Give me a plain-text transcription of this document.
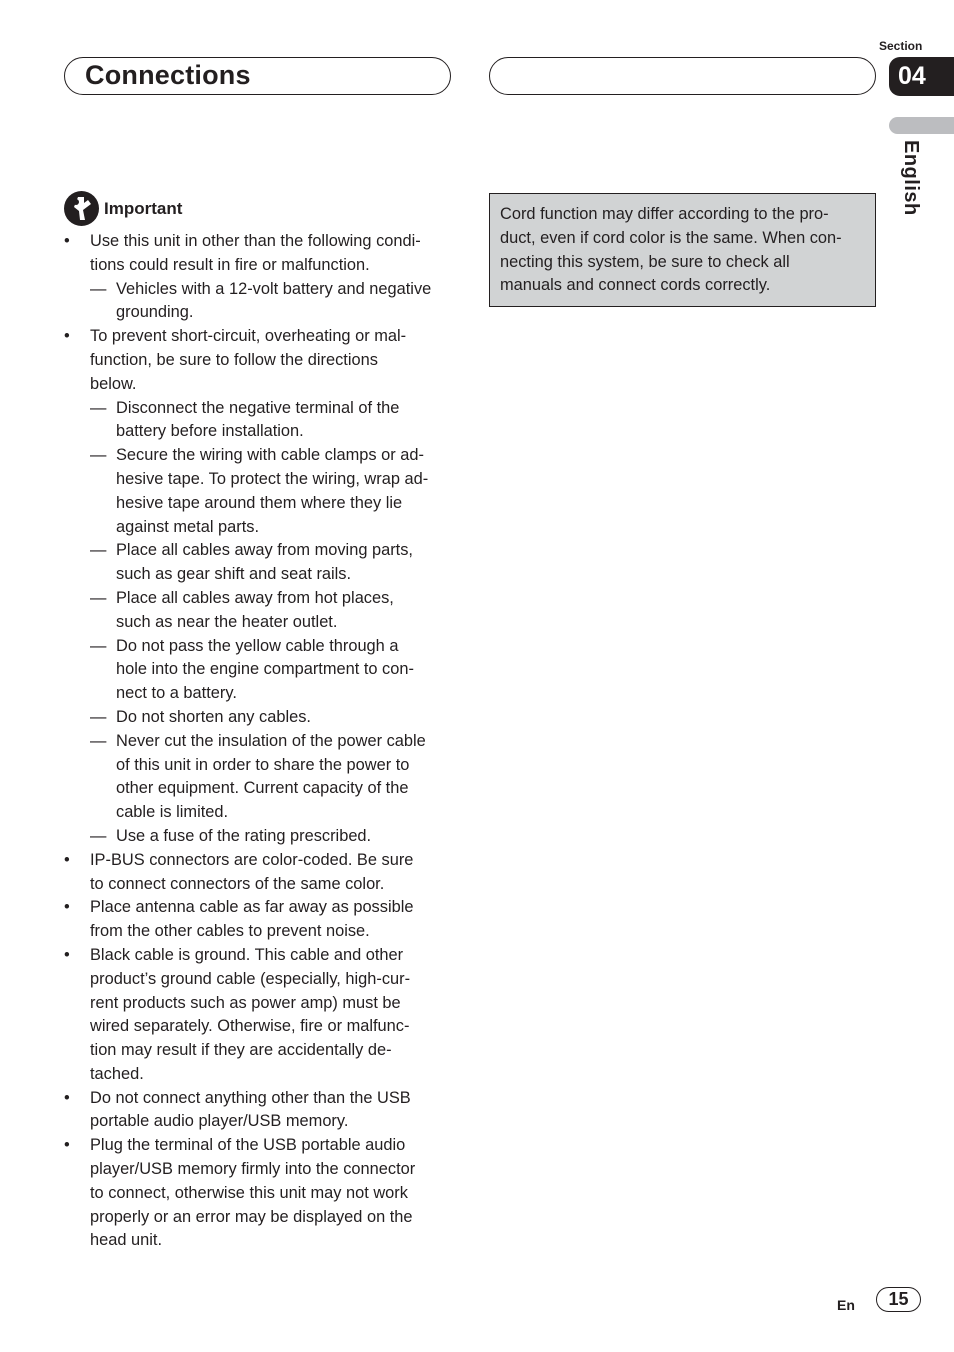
Connections
Section
04
English
Important
• Use this unit in other than the following condi-
tions could result in fire or malfunction.
— Vehicles with a 12-volt battery and negative
grounding.
• To prevent short-circuit, overheating or mal-
function, be sure to follow the directions
below.
— Disconnect the negative terminal of the
battery before installation.
— Secure the wiring with cable clamps or ad-
hesive tape. To protect the wiring, wrap ad-
hesive tape around them where they lie
against metal parts.
— Place all cables away from moving parts,
such as gear shift and seat rails.
— Place all cables away from hot places,
such as near the heater outlet.
— Do not pass the yellow cable through a
hole into the engine compartment to con-
nect to a battery.
— Do not shorten any cables.
— Never cut the insulation of the power cable
of this unit in order to share the power to
other equipment. Current capacity of the
cable is limited.
— Use a fuse of the rating prescribed.
• IP-BUS connectors are color-coded. Be sure
to connect connectors of the same color.
• Place antenna cable as far away as possible
from the other cables to prevent noise.
• Black cable is ground. This cable and other
product’s ground cable (especially, high-cur-
rent products such as power amp) must be
wired separately. Otherwise, fire or malfunc-
tion may result if they are accidentally de-
tached.
• Do not connect anything other than the USB
portable audio player/USB memory.
• Plug the terminal of the USB portable audio
player/USB memory firmly into the connector
to connect, otherwise this unit may not work
properly or an error may be displayed on the
head unit.
Cord function may differ according to the pro-
duct, even if cord color is the same. When con-
necting this system, be sure to check all
manuals and connect cords correctly.
En	15
